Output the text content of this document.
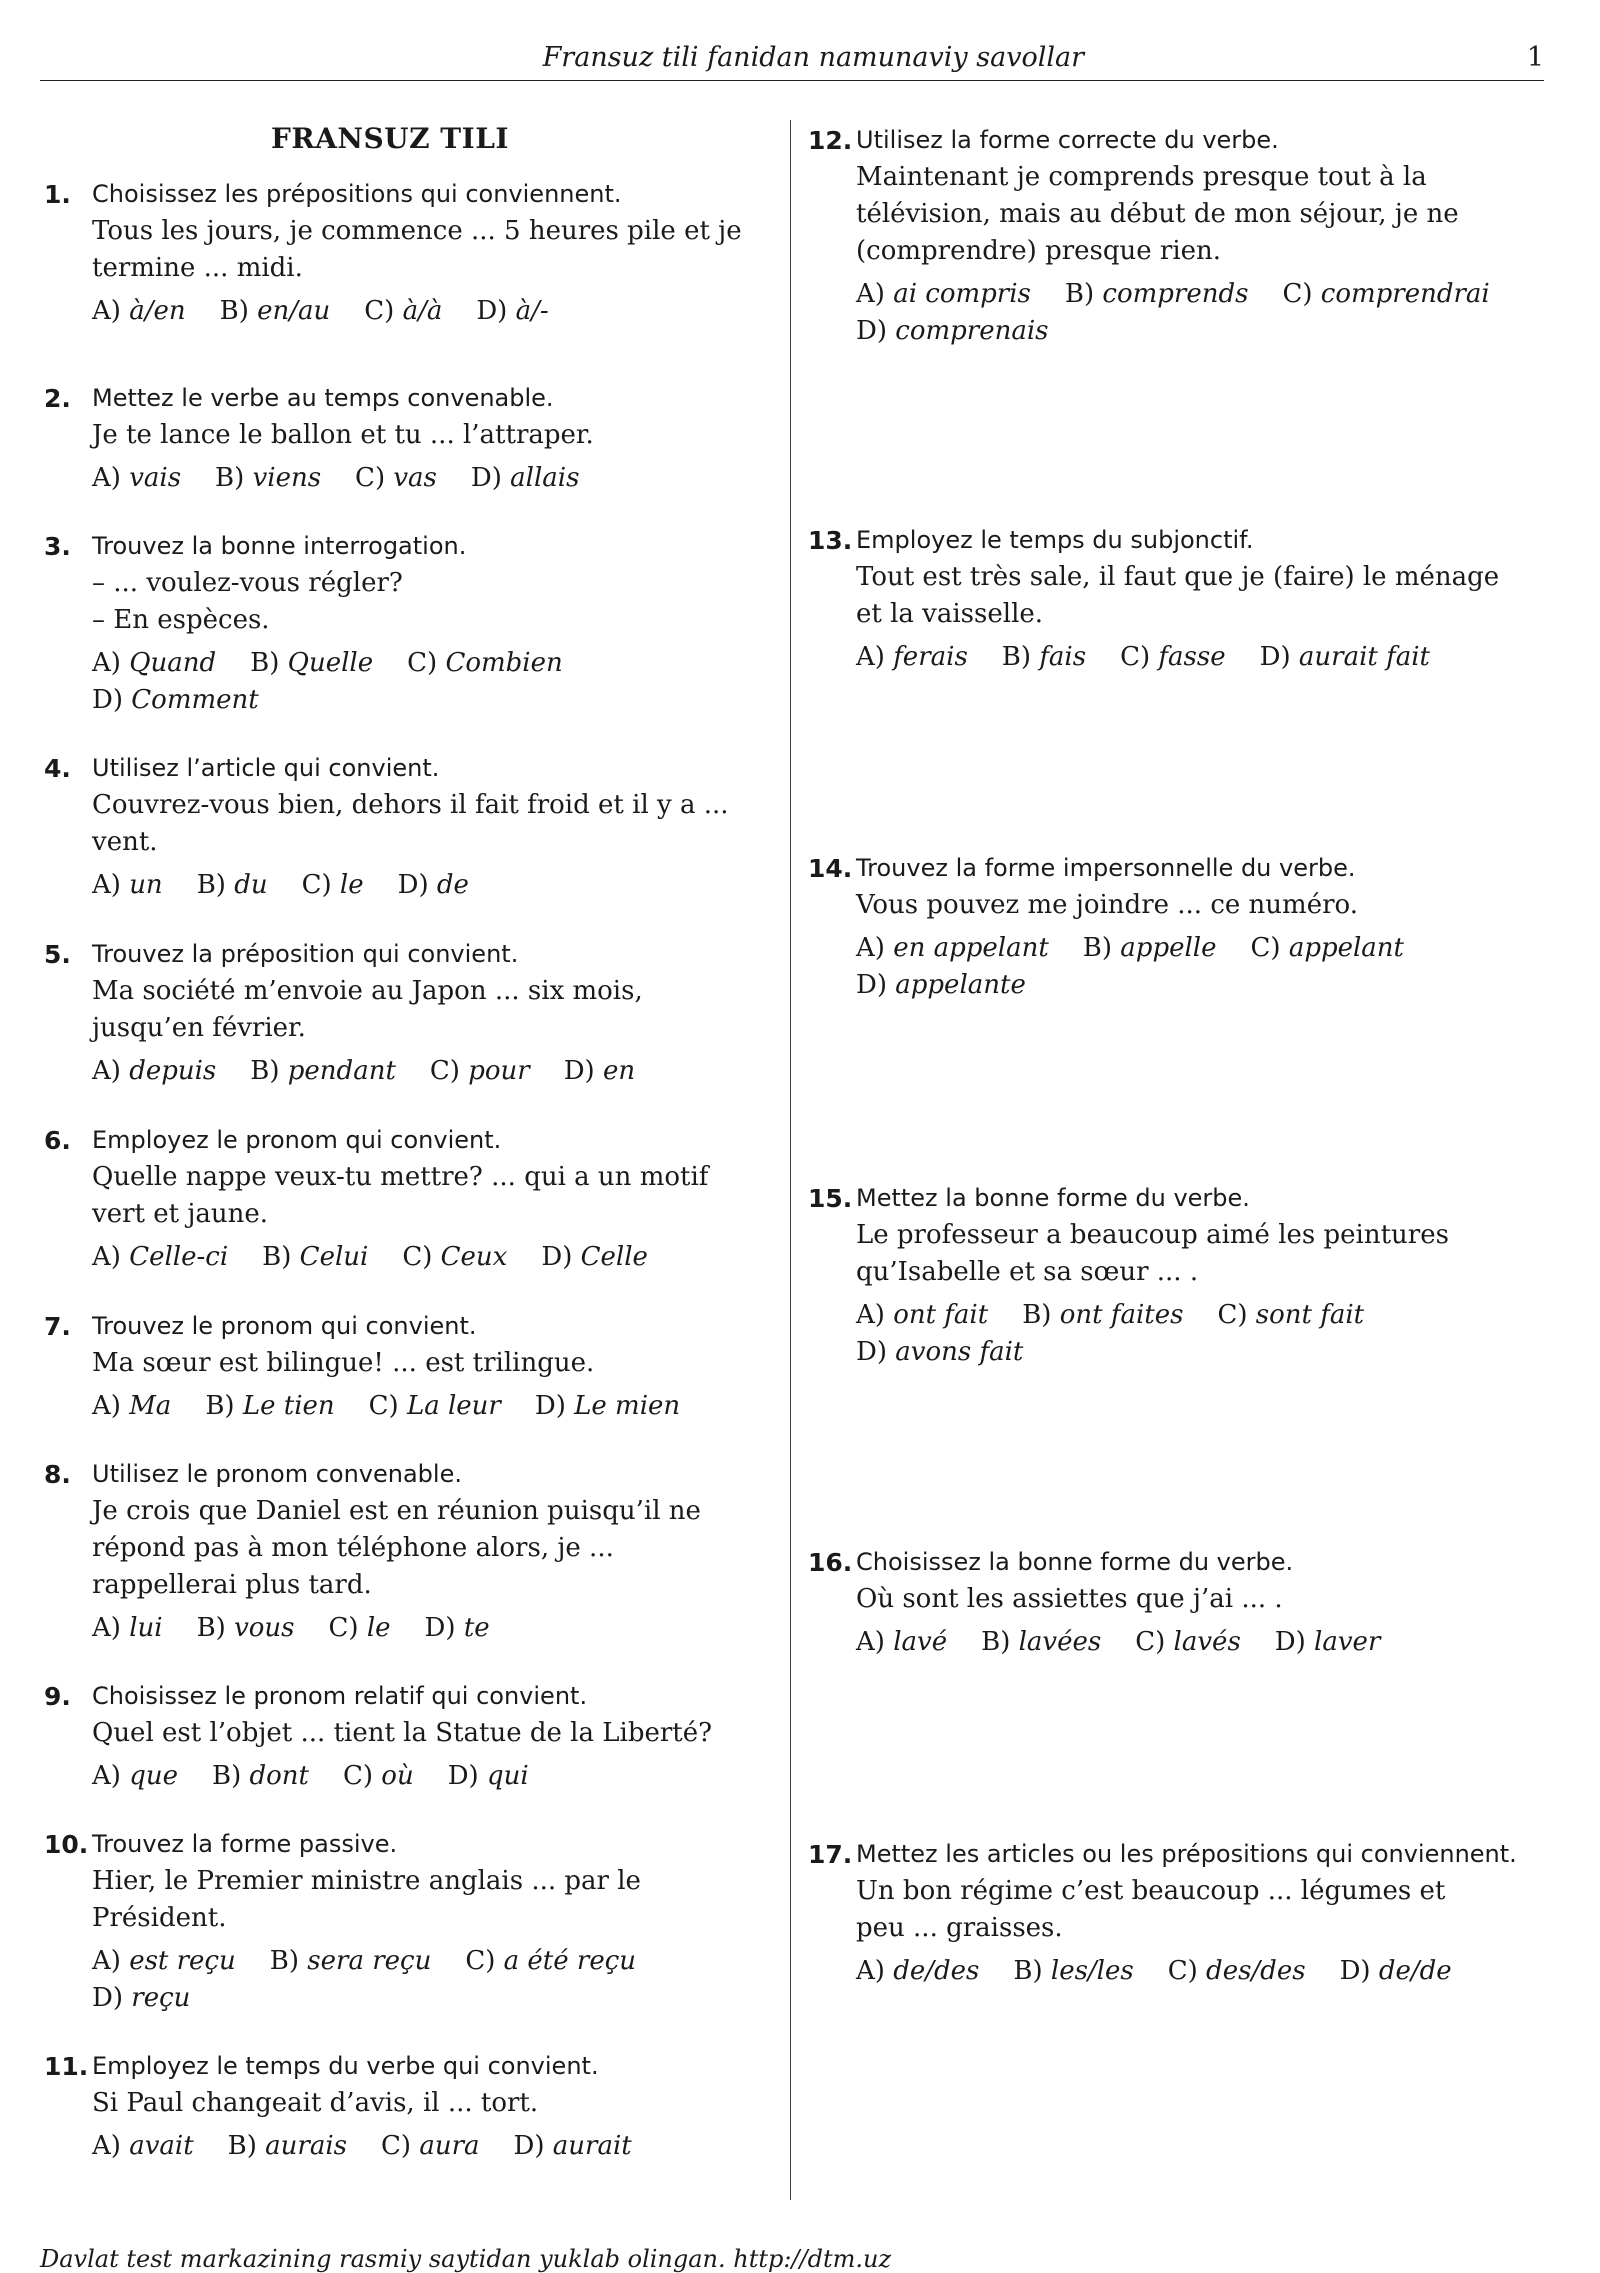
Fransuz tili fanidan namunaviy savollar	1
FRANSUZ TILI
1. Choisissez les prépositions qui conviennent.
Tous les jours, je commence ... 5 heures pile et je
termine ... midi.
A) à/en B) en/au C) à/à D) à/-
2. Mettez le verbe au temps convenable.
Je te lance le ballon et tu ... l’attraper.
A) vais B) viens C) vas D) allais
3. Trouvez la bonne interrogation.
– ... voulez-vous régler?
– En espèces.
A) Quand B) Quelle C) Combien
D) Comment
4. Utilisez l’article qui convient.
Couvrez-vous bien, dehors il fait froid et il y a ...
vent.
A) un B) du C) le D) de
5. Trouvez la préposition qui convient.
Ma société m’envoie au Japon ... six mois,
jusqu’en février.
A) depuis B) pendant C) pour D) en
6. Employez le pronom qui convient.
Quelle nappe veux-tu mettre? ... qui a un motif
vert et jaune.
A) Celle-ci B) Celui C) Ceux D) Celle
7. Trouvez le pronom qui convient.
Ma sœur est bilingue! ... est trilingue.
A) Ma B) Le tien C) La leur D) Le mien
8. Utilisez le pronom convenable.
Je crois que Daniel est en réunion puisqu’il ne
répond pas à mon téléphone alors, je ...
rappellerai plus tard.
A) lui B) vous C) le D) te
9. Choisissez le pronom relatif qui convient.
Quel est l’objet ... tient la Statue de la Liberté?
A) que B) dont C) où D) qui
10. Trouvez la forme passive.
Hier, le Premier ministre anglais ... par le
Président.
A) est reçu B) sera reçu C) a été reçu
D) reçu
11. Employez le temps du verbe qui convient.
Si Paul changeait d’avis, il ... tort.
A) avait B) aurais C) aura D) aurait
12. Utilisez la forme correcte du verbe.
Maintenant je comprends presque tout à la
télévision, mais au début de mon séjour, je ne
(comprendre) presque rien.
A) ai compris B) comprends C) comprendrai
D) comprenais
13. Employez le temps du subjonctif.
Tout est très sale, il faut que je (faire) le ménage
et la vaisselle.
A) ferais B) fais C) fasse D) aurait fait
14. Trouvez la forme impersonnelle du verbe.
Vous pouvez me joindre ... ce numéro.
A) en appelant B) appelle C) appelant
D) appelante
15. Mettez la bonne forme du verbe.
Le professeur a beaucoup aimé les peintures
qu’Isabelle et sa sœur ... .
A) ont fait B) ont faites C) sont fait
D) avons fait
16. Choisissez la bonne forme du verbe.
Où sont les assiettes que j’ai ... .
A) lavé B) lavées C) lavés D) laver
17. Mettez les articles ou les prépositions qui conviennent.
Un bon régime c’est beaucoup ... légumes et
peu ... graisses.
A) de/des B) les/les C) des/des D) de/de
Davlat test markazining rasmiy saytidan yuklab olingan. http://dtm.uz
